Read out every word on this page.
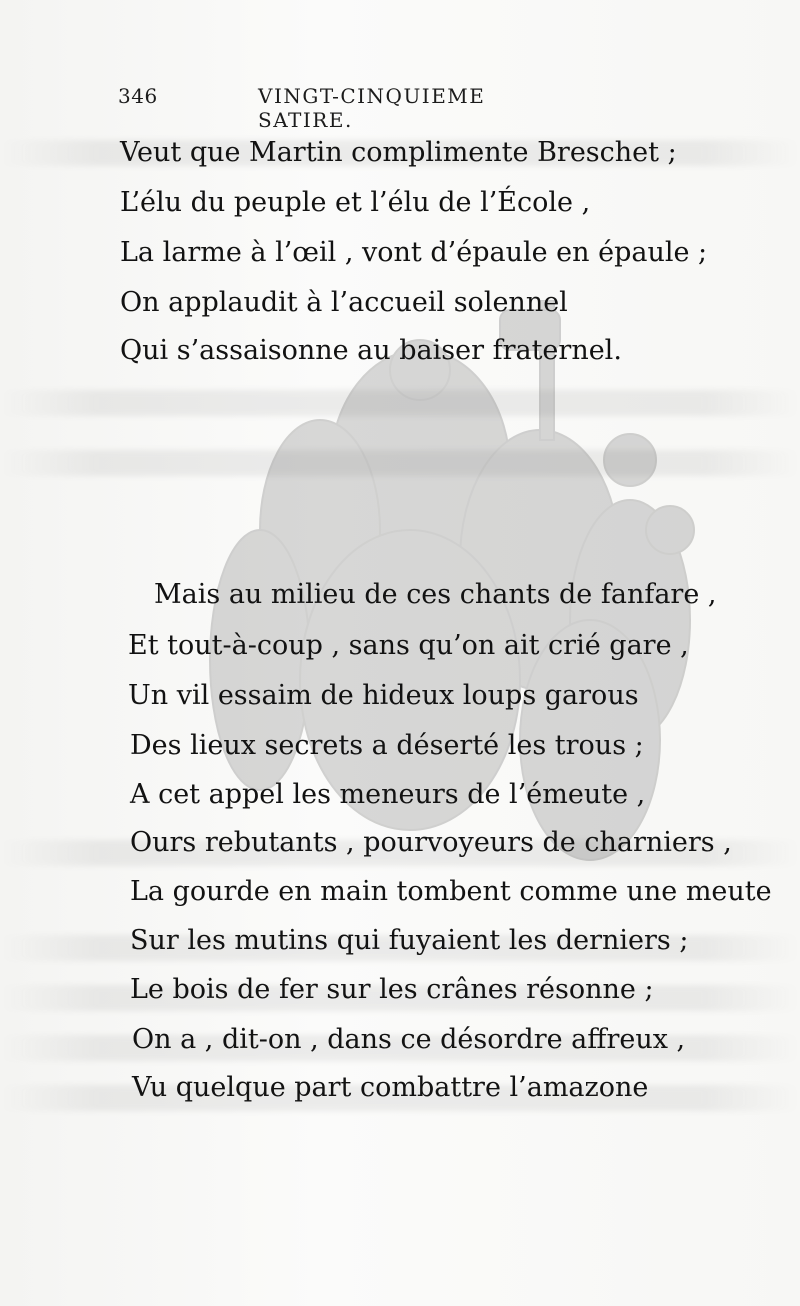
346	VINGT-CINQUIEME SATIRE.
Veut que Martin complimente Breschet ;
L’élu du peuple et l’élu de l’École ,
La larme à l’œil , vont d’épaule en épaule ;
On applaudit à l’accueil solennel
Qui s’assaisonne au baiser fraternel.
Mais au milieu de ces chants de fanfare ,
Et tout-à-coup , sans qu’on ait crié gare ,
Un vil essaim de hideux loups garous
Des lieux secrets a déserté les trous ;
A cet appel les meneurs de l’émeute ,
Ours rebutants , pourvoyeurs de charniers ,
La gourde en main tombent comme une meute
Sur les mutins qui fuyaient les derniers ;
Le bois de fer sur les crânes résonne ;
On a , dit-on , dans ce désordre affreux ,
Vu quelque part combattre l’amazone
